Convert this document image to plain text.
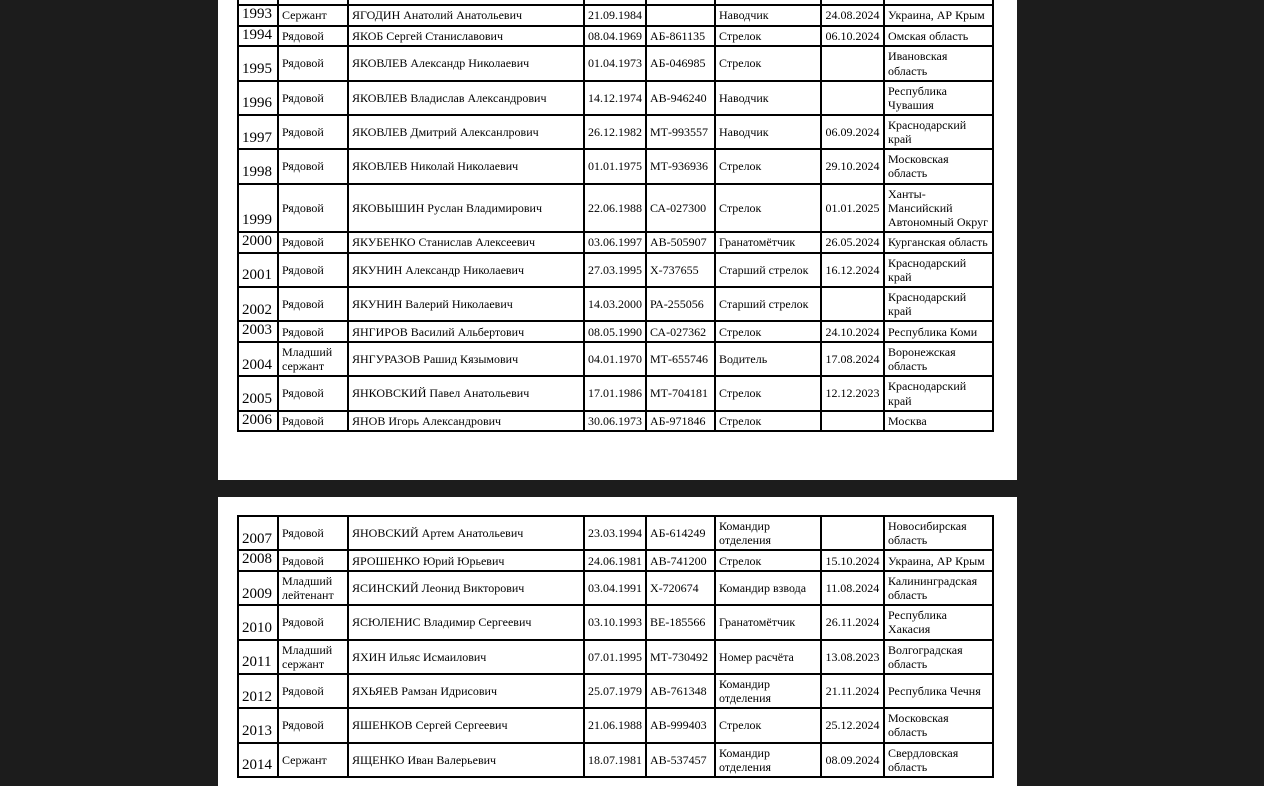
1993	Сержант	ЯГОДИН Анатолий Анатольевич	21.09.1984		Наводчик	24.08.2024	Украина, АР Крым
1994	Рядовой	ЯКОБ Сергей Станиславович	08.04.1969	АБ-861135	Стрелок	06.10.2024	Омская область
1995	Рядовой	ЯКОВЛЕВ Александр Николаевич	01.04.1973	АБ-046985	Стрелок		Ивановская область
1996	Рядовой	ЯКОВЛЕВ Владислав Александрович	14.12.1974	АВ-946240	Наводчик		Республика Чувашия
1997	Рядовой	ЯКОВЛЕВ Дмитрий Алексанлрович	26.12.1982	МТ-993557	Наводчик	06.09.2024	Краснодарский край
1998	Рядовой	ЯКОВЛЕВ Николай Николаевич	01.01.1975	МТ-936936	Стрелок	29.10.2024	Московская область
1999	Рядовой	ЯКОВЫШИН Руслан Владимирович	22.06.1988	СА-027300	Стрелок	01.01.2025	Ханты-Мансийский Автономный Округ
2000	Рядовой	ЯКУБЕНКО Станислав Алексеевич	03.06.1997	АВ-505907	Гранатомётчик	26.05.2024	Курганская область
2001	Рядовой	ЯКУНИН Александр Николаевич	27.03.1995	Х-737655	Старший стрелок	16.12.2024	Краснодарский край
2002	Рядовой	ЯКУНИН Валерий Николаевич	14.03.2000	РА-255056	Старший стрелок		Краснодарский край
2003	Рядовой	ЯНГИРОВ Василий Альбертович	08.05.1990	СА-027362	Стрелок	24.10.2024	Республика Коми
2004	Младший сержант	ЯНГУРАЗОВ Рашид Кязымович	04.01.1970	МТ-655746	Водитель	17.08.2024	Воронежская область
2005	Рядовой	ЯНКОВСКИЙ Павел Анатольевич	17.01.1986	МТ-704181	Стрелок	12.12.2023	Краснодарский край
2006	Рядовой	ЯНОВ Игорь Александрович	30.06.1973	АБ-971846	Стрелок		Москва
2007	Рядовой	ЯНОВСКИЙ Артем Анатольевич	23.03.1994	АБ-614249	Командир отделения		Новосибирская область
2008	Рядовой	ЯРОШЕНКО Юрий Юрьевич	24.06.1981	АВ-741200	Стрелок	15.10.2024	Украина, АР Крым
2009	Младший лейтенант	ЯСИНСКИЙ Леонид Викторович	03.04.1991	Х-720674	Командир взвода	11.08.2024	Калининградская область
2010	Рядовой	ЯСЮЛЕНИС Владимир Сергеевич	03.10.1993	ВЕ-185566	Гранатомётчик	26.11.2024	Республика Хакасия
2011	Младший сержант	ЯХИН Ильяс Исмаилович	07.01.1995	МТ-730492	Номер расчёта	13.08.2023	Волгоградская область
2012	Рядовой	ЯХЬЯЕВ Рамзан Идрисович	25.07.1979	АВ-761348	Командир отделения	21.11.2024	Республика Чечня
2013	Рядовой	ЯШЕНКОВ Сергей Сергеевич	21.06.1988	АВ-999403	Стрелок	25.12.2024	Московская область
2014	Сержант	ЯЩЕНКО Иван Валерьевич	18.07.1981	АВ-537457	Командир отделения	08.09.2024	Свердловская область
